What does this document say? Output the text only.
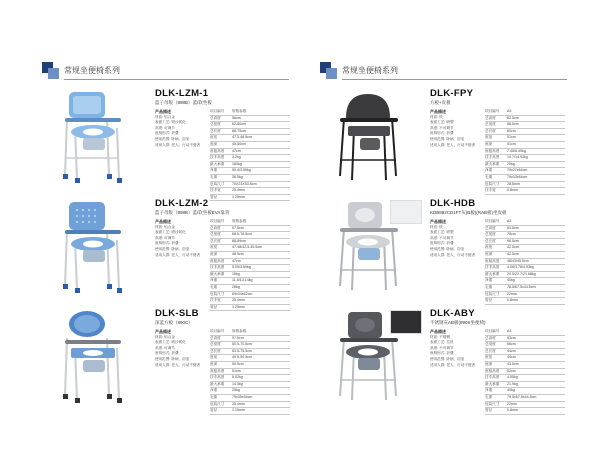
常规坐便椅系列
DLK-LZM-1
蓝子母版（898B）蓝/软坐板
产品描述
材质: 铝合金
表面工艺: 喷沙氧化
高度: 可调节
座椅形式: 折叠
使用范围: 卧病、浴室
适用人群: 老人、行动不便者
项目编号	规格参数
总高度	56cm
总宽度	62-80cm
总长度	68-75cm
座宽	47.5-48.5cm
座深	45-50cm
座板高度	47cm
扶手高度	3.2kg
最大承重	160kg
净重	50.4/3.59kg
毛重	36.5kg
包装尺寸	70X23X53.5cm
扶手宽	25.4mm
管径	1.25mm
DLK-LZM-2
蓝子母版（898B）蓝/软坐板EVA靠背
产品描述
材质: 铝合金
表面工艺: 喷沙氧化
高度: 可调节
座椅形式: 折叠
使用范围: 卧病、浴室
适用人群: 老人、行动不便者
项目编号	规格参数
总高度	57.5cm
总宽度	68.5-76.5cm
总长度	88-89cm
座宽	47-48/42.5-45.5cm
座深	48.5cm
座板高度	47cm
扶手高度	5.09/3.59kg
最大承重	15kg
净重	11.6/13.14kg
毛重	26kg
包装尺寸	69x34x62cm
扶手宽	25.4mm
管径	1.25mm
DLK-SLB
深蓝方板（890C）
产品描述
材质: 铝合金
表面工艺: 喷沙氧化
高度: 可调节
座椅形式: 折叠
使用范围: 卧病、浴室
适用人群: 老人、行动不便者
项目编号	规格参数
总高度	97.5cm
总宽度	50.5-70.5cm
总长度	63.5-75.5cm
座宽	49.5-50.5cm
座深	50.5cm
座板高度	51cm
扶手高度	5.02kg
最大承重	14.5kg
净重	25kg
毛重	75x35x54cm
包装尺寸	25.4mm
管径	1.15mm
常规坐便椅系列
DLK-FPY
方板+皮板
产品描述
材质: 铁
表面工艺: 喷塑
高度: 不可调节
座椅形式: 折叠
使用范围: 卧病、浴室
适用人群: 老人、行动不便者
项目编号	A3
总高度	82.5cm
总宽度	88.5cm
总长度	60cm
座宽	51cm
座深	51cm
座板高度	7.45/6.49kg
扶手高度	10.7/14.93kg
最大承重	20kg
净重	79x27x64cm
毛重	79x33x64cm
包装尺寸	28.8mm
扶手宽	0.8mm
DLK-HDB
KDB892CD1FT灰(B板)(RAB板)坐皮板
产品描述
材质: 铁
表面工艺: 喷塑
高度: 不可调节
座椅形式: 折叠
使用范围: 卧病、浴室
适用人群: 老人、行动不便者
项目编号	A3
总高度	53.5cm
总宽度	78cm
总长度	96.5cm
座宽	42.5cm
座深	42.5cm
座板高度	48/43/45.5cm
扶手高度	4.06/3.78/4.93kg
最大承重	20.5/22.7/21.68kg
净重	40kg
毛重	78.5/67.5x44.5cm
包装尺寸	22mm
管径	0.8mm
DLK-ABY
不锈钢灰AB板(890S坐便椅)
产品描述
材质: 不锈钢
表面工艺: 拉丝
高度: 不可调节
座椅形式: 折叠
使用范围: 卧病、浴室
适用人群: 老人、行动不便者
项目编号	A3
总高度	93cm
总宽度	56cm
总长度	44cm
座宽	44cm
座深	43.5cm
座板高度	52cm
扶手高度	4.55kg
最大承重	21.9kg
净重	40kg
毛重	79.5x57.5x44.5cm
包装尺寸	22mm
管径	0.8mm
